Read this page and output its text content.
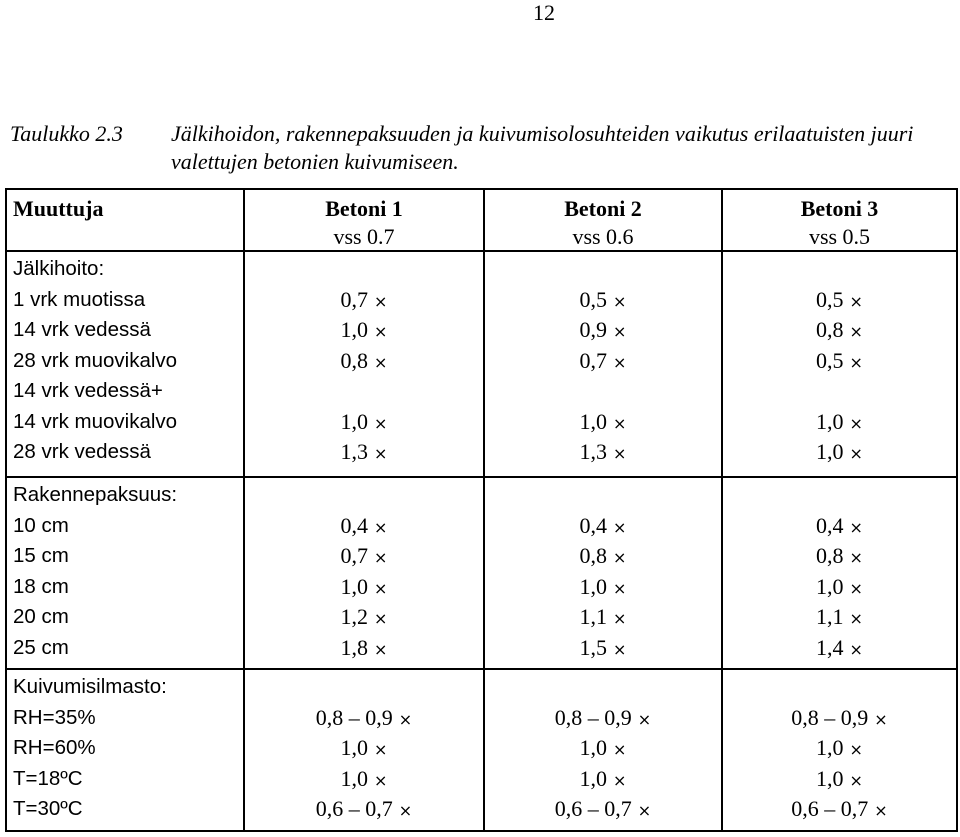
12
Taulukko 2.3 Jälkihoidon, rakennepaksuuden ja kuivumisolosuhteiden vaikutus erilaatuisten juuri valettujen betonien kuivumiseen.
Muuttuja	Betoni 1
vss 0.7
Betoni 2
vss 0.6
Betoni 3
vss 0.5
Jälkihoito:
1 vrk muotissa
14 vrk vedessä
28 vrk muovikalvo
14 vrk vedessä+
14 vrk muovikalvo
28 vrk vedessä
Rakennepaksuus:
10 cm
15 cm
18 cm
20 cm
25 cm
Kuivumisilmasto:
RH=35%
RH=60%
T=18ºC
T=30ºC
0,7 ×
1,0 ×
0,8 ×
1,0 ×
1,3 ×
0,5 ×
0,9 ×
0,7 ×
1,0 ×
1,3 ×
0,5 ×
0,8 ×
0,5 ×
1,0 ×
1,0 ×
0,4 ×
0,7 ×
1,0 ×
1,2 ×
1,8 ×
0,4 ×
0,8 ×
1,0 ×
1,1 ×
1,5 ×
0,4 ×
0,8 ×
1,0 ×
1,1 ×
1,4 ×
0,8 – 0,9 ×
1,0 ×
1,0 ×
0,6 – 0,7 ×
0,8 – 0,9 ×
1,0 ×
1,0 ×
0,6 – 0,7 ×
0,8 – 0,9 ×
1,0 ×
1,0 ×
0,6 – 0,7 ×
